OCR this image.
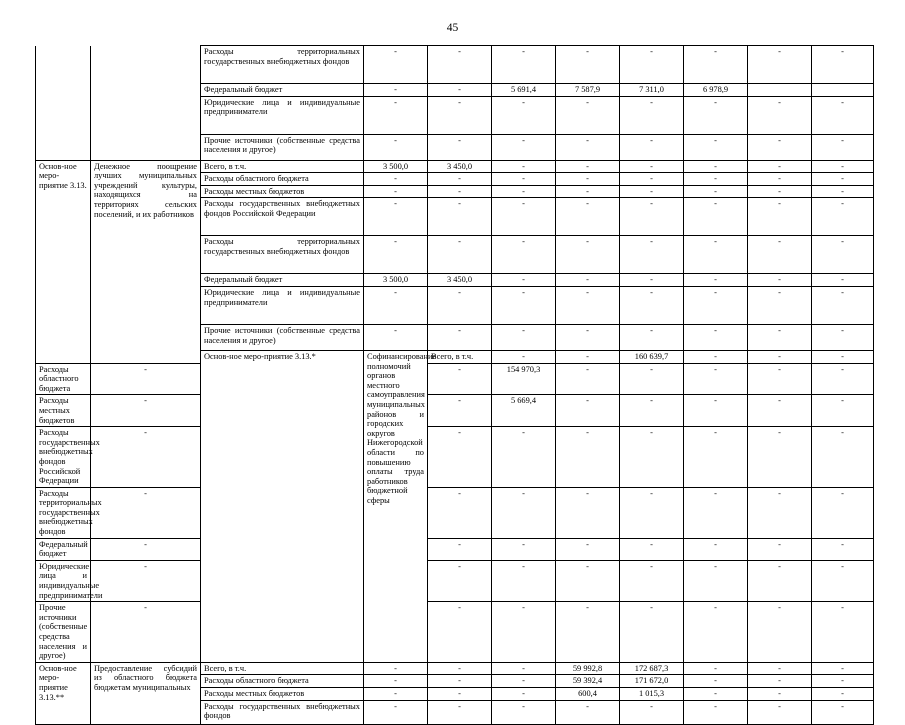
45
		Расходы территориальных государственных внебюджетных фондов	-	-	-	-	-	-	-	-	
		Федеральный бюджет	-	-	5 691,4	7 587,9	7 311,0	6 978,9			
		Юридические лица и индивидуальные предприниматели	-	-	-	-	-	-	-	-	
		Прочие источники (собственные средства населения и другое)	-	-	-	-	-	-	-	-	
Основ-ное меро-приятие 3.13.	Денежное поощрение лучших муниципальных учреждений культуры, находящихся на территориях сельских поселений, и их работников	Всего, в т.ч.	3 500,0	3 450,0	-	-	-	-	-	-	
		Расходы областного бюджета	-	-	-	-	-	-	-	-	
		Расходы местных бюджетов	-	-	-	-	-	-	-	-	
		Расходы государственных внебюджетных фондов Российской Федерации	-	-	-	-	-	-	-	-	
		Расходы территориальных государственных внебюджетных фондов	-	-	-	-	-	-	-	-	
		Федеральный бюджет	3 500,0	3 450,0	-	-	-	-	-	-	
		Юридические лица и индивидуальные предприниматели	-	-	-	-	-	-	-	-	
		Прочие источники (собственные средства населения и другое)	-	-	-	-	-	-	-	-	
		Основ-ное меро-приятие 3.13.*	Софинансирование полномочий органов местного самоуправления муниципальных районов и городских округов Нижегородской области по повышению оплаты труда работников бюджетной сферы	Всего, в т.ч.	-	-	160 639,7	-	-	-		
Расходы областного бюджета	-			-	154 970,3	-	-	-	-	-	
Расходы местных бюджетов	-			-	5 669,4	-	-	-	-	-	
Расходы государственных внебюджетных фондов Российской Федерации	-			-	-	-	-	-	-	-	
Расходы территориальных государственных внебюджетных фондов	-			-	-	-	-	-	-	-	
Федеральный бюджет	-			-	-	-	-	-	-	-	
Юридические лица и индивидуальные предприниматели	-			-	-	-	-	-	-	-	
Прочие источники (собственные средства населения и другое)	-			-	-	-	-	-	-	-	
Основ-ное меро-приятие 3.13.**	Предоставление субсидий из областного бюджета бюджетам муниципальных	Всего, в т.ч.	-	-	-	59 992,8	172 687,3	-	-	-	
		Расходы областного бюджета	-	-	-	59 392,4	171 672,0	-	-	-	
		Расходы местных бюджетов	-	-	-	600,4	1 015,3	-	-	-	
		Расходы государственных внебюджетных фондов	-	-	-	-	-	-	-	-	
